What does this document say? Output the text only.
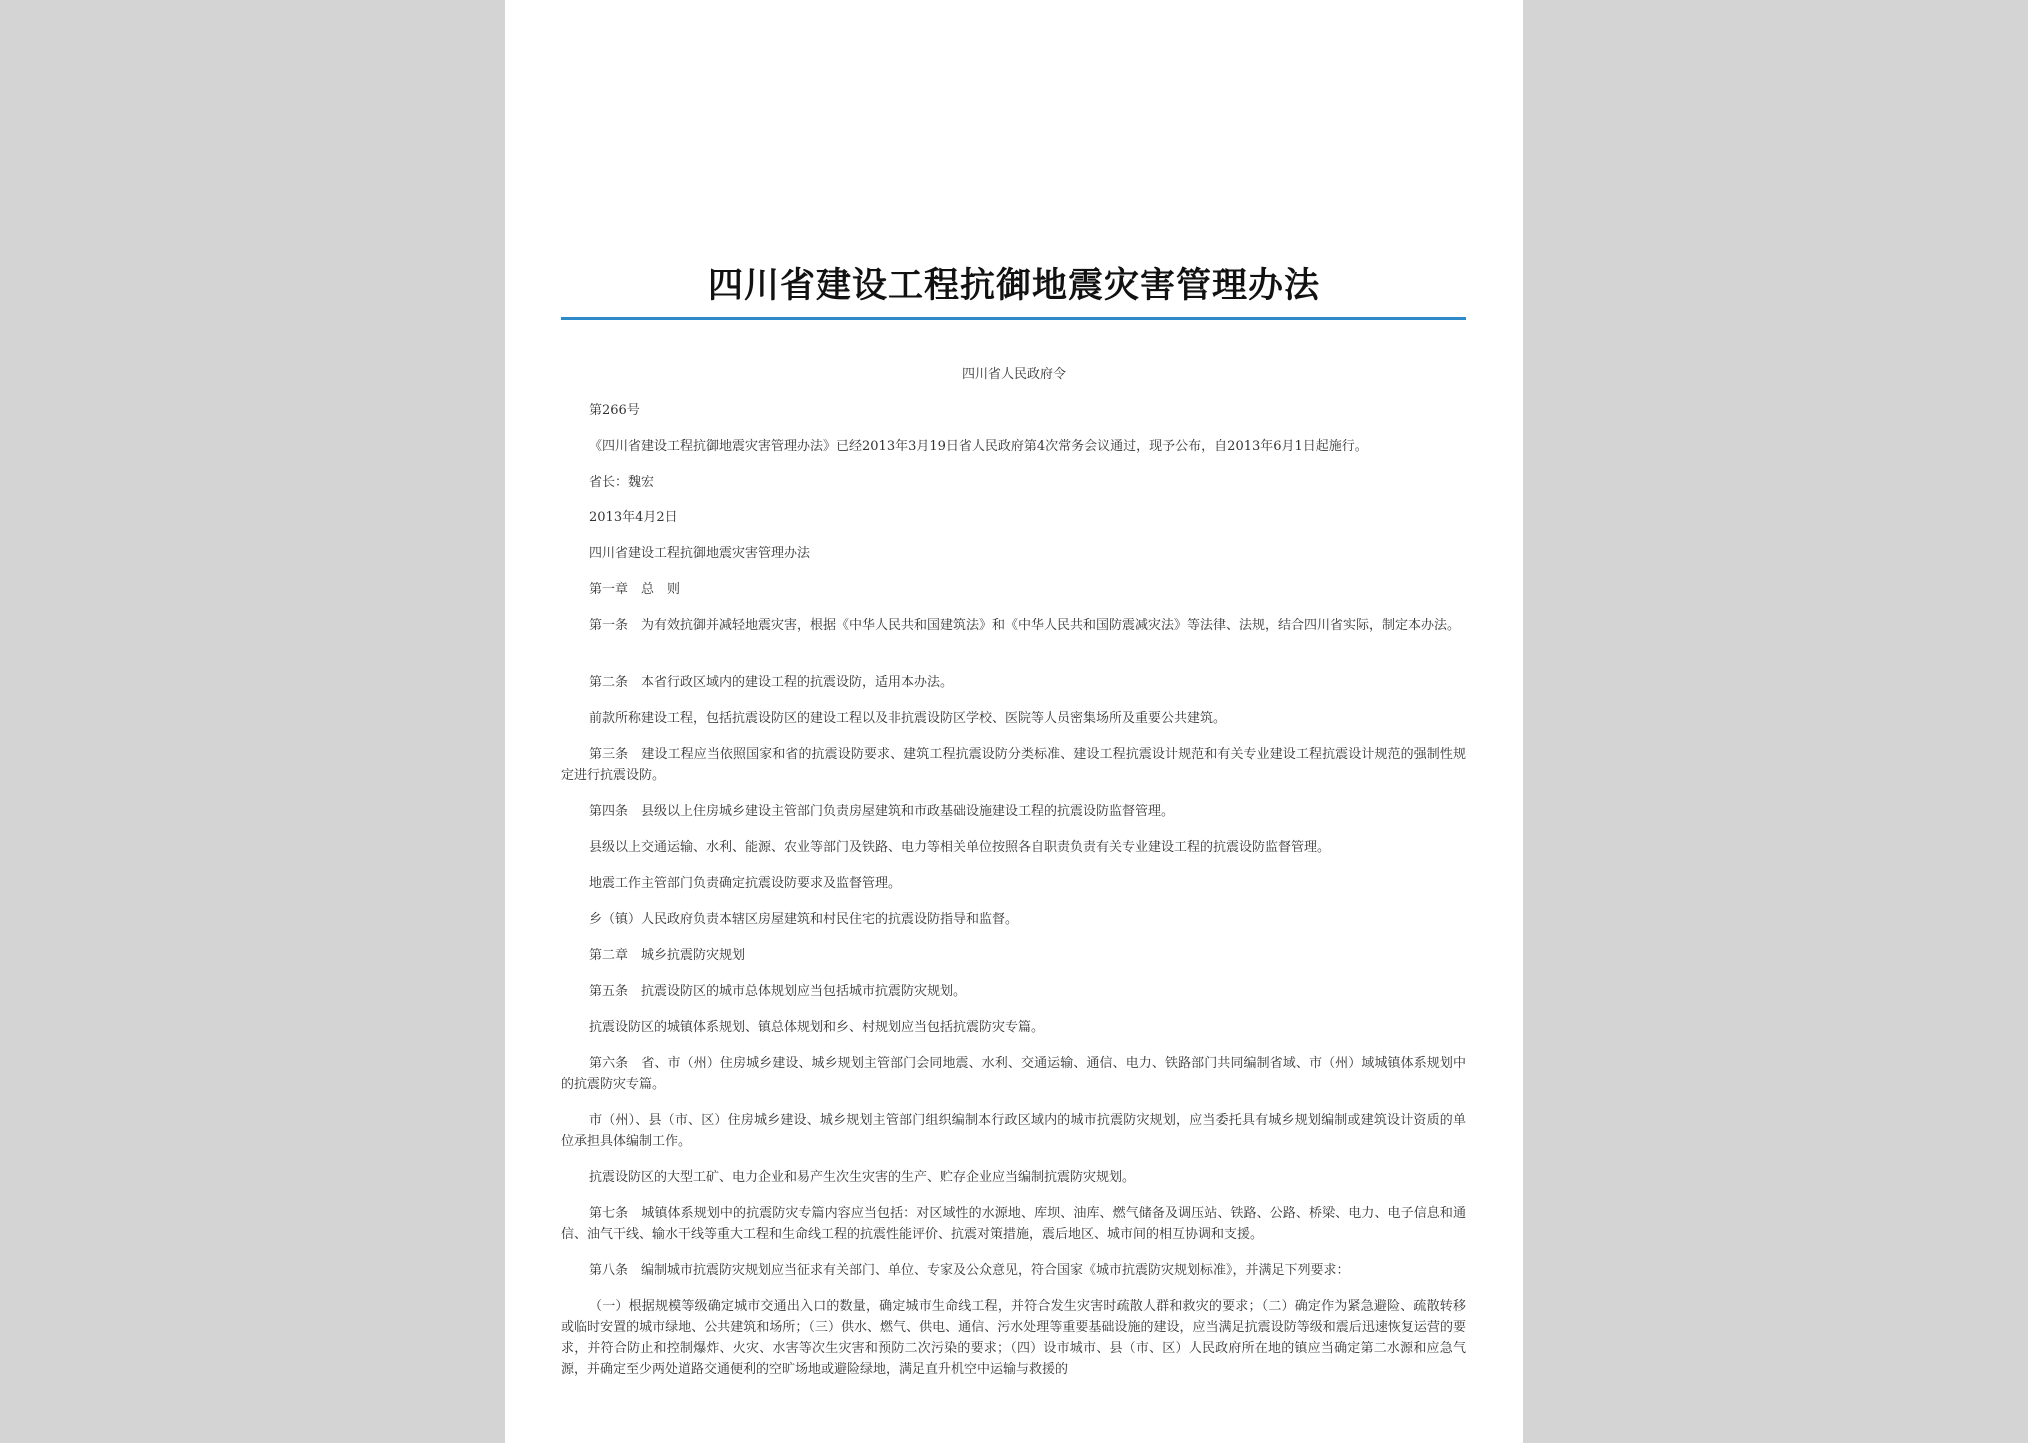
四川省建设工程抗御地震灾害管理办法
四川省人民政府令
第266号
《四川省建设工程抗御地震灾害管理办法》已经2013年3月19日省人民政府第4次常务会议通过，现予公布，自2013年6月1日起施行。
省长：魏宏
2013年4月2日
四川省建设工程抗御地震灾害管理办法
第一章　总　则

第一条　为有效抗御并减轻地震灾害，根据《中华人民共和国建筑法》和《中华人民共和国防震减灾法》等法律、法规，结合四川省实际，制定本办法。

第二条　本省行政区域内的建设工程的抗震设防，适用本办法。

前款所称建设工程，包括抗震设防区的建设工程以及非抗震设防区学校、医院等人员密集场所及重要公共建筑。

第三条　建设工程应当依照国家和省的抗震设防要求、建筑工程抗震设防分类标准、建设工程抗震设计规范和有关专业建设工程抗震设计规范的强制性规定进行抗震设防。

第四条　县级以上住房城乡建设主管部门负责房屋建筑和市政基础设施建设工程的抗震设防监督管理。

县级以上交通运输、水利、能源、农业等部门及铁路、电力等相关单位按照各自职责负责有关专业建设工程的抗震设防监督管理。

地震工作主管部门负责确定抗震设防要求及监督管理。

乡（镇）人民政府负责本辖区房屋建筑和村民住宅的抗震设防指导和监督。

第二章　城乡抗震防灾规划

第五条　抗震设防区的城市总体规划应当包括城市抗震防灾规划。

抗震设防区的城镇体系规划、镇总体规划和乡、村规划应当包括抗震防灾专篇。

第六条　省、市（州）住房城乡建设、城乡规划主管部门会同地震、水利、交通运输、通信、电力、铁路部门共同编制省域、市（州）域城镇体系规划中的抗震防灾专篇。

市（州）、县（市、区）住房城乡建设、城乡规划主管部门组织编制本行政区域内的城市抗震防灾规划，应当委托具有城乡规划编制或建筑设计资质的单位承担具体编制工作。

抗震设防区的大型工矿、电力企业和易产生次生灾害的生产、贮存企业应当编制抗震防灾规划。

第七条　城镇体系规划中的抗震防灾专篇内容应当包括：对区域性的水源地、库坝、油库、燃气储备及调压站、铁路、公路、桥梁、电力、电子信息和通信、油气干线、输水干线等重大工程和生命线工程的抗震性能评价、抗震对策措施，震后地区、城市间的相互协调和支援。

第八条　编制城市抗震防灾规划应当征求有关部门、单位、专家及公众意见，符合国家《城市抗震防灾规划标准》，并满足下列要求：

（一）根据规模等级确定城市交通出入口的数量，确定城市生命线工程，并符合发生灾害时疏散人群和救灾的要求；（二）确定作为紧急避险、疏散转移或临时安置的城市绿地、公共建筑和场所；（三）供水、燃气、供电、通信、污水处理等重要基础设施的建设，应当满足抗震设防等级和震后迅速恢复运营的要求，并符合防止和控制爆炸、火灾、水害等次生灾害和预防二次污染的要求；（四）设市城市、县（市、区）人民政府所在地的镇应当确定第二水源和应急气源，并确定至少两处道路交通便利的空旷场地或避险绿地，满足直升机空中运输与救援的
